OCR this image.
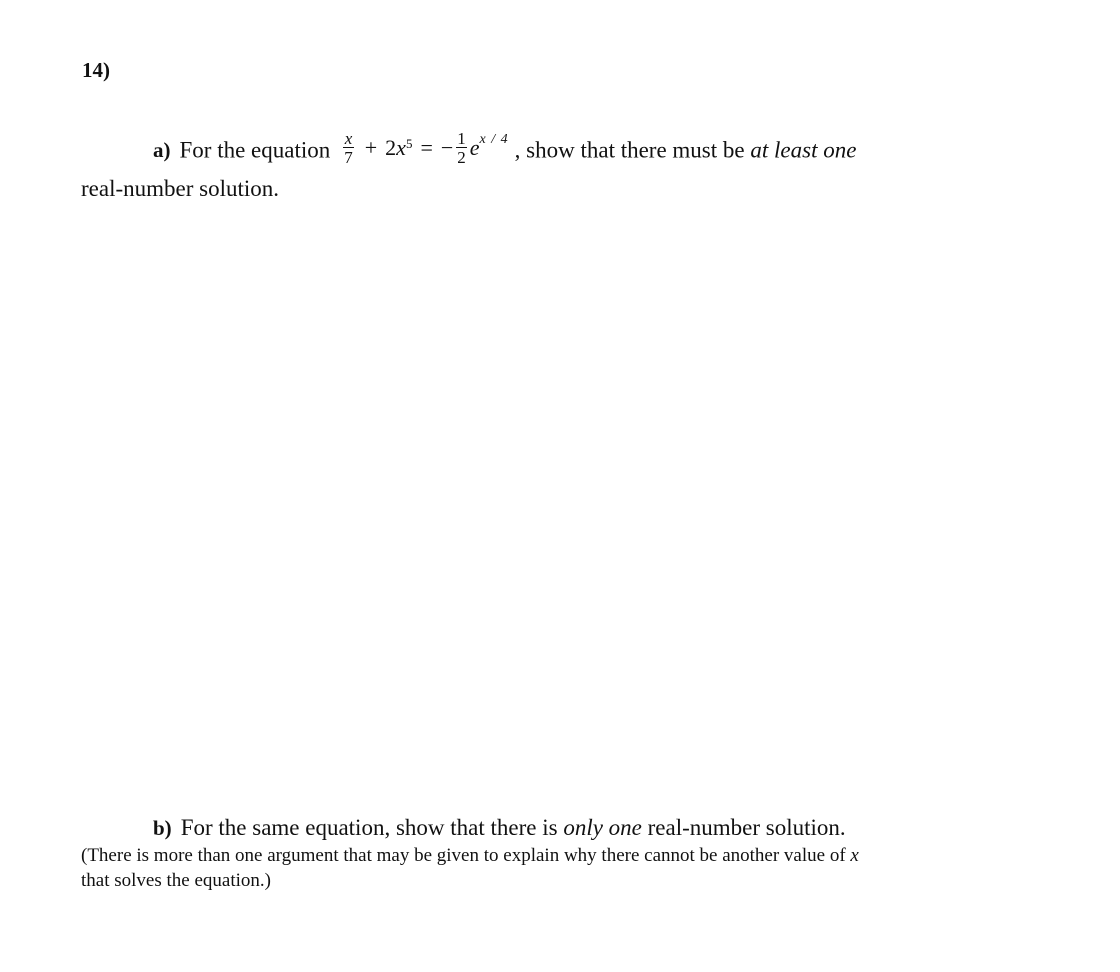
14)
a) For the equation $\frac{x}{7} + 2$ $x^5$ = − $\frac{1}{2}$ e x / 4 , show that there must be at least one
real-number solution.
b) For the same equation, show that there is only one real-number solution.
(There is more than one argument that may be given to explain why there cannot be another value of x
that solves the equation.)
